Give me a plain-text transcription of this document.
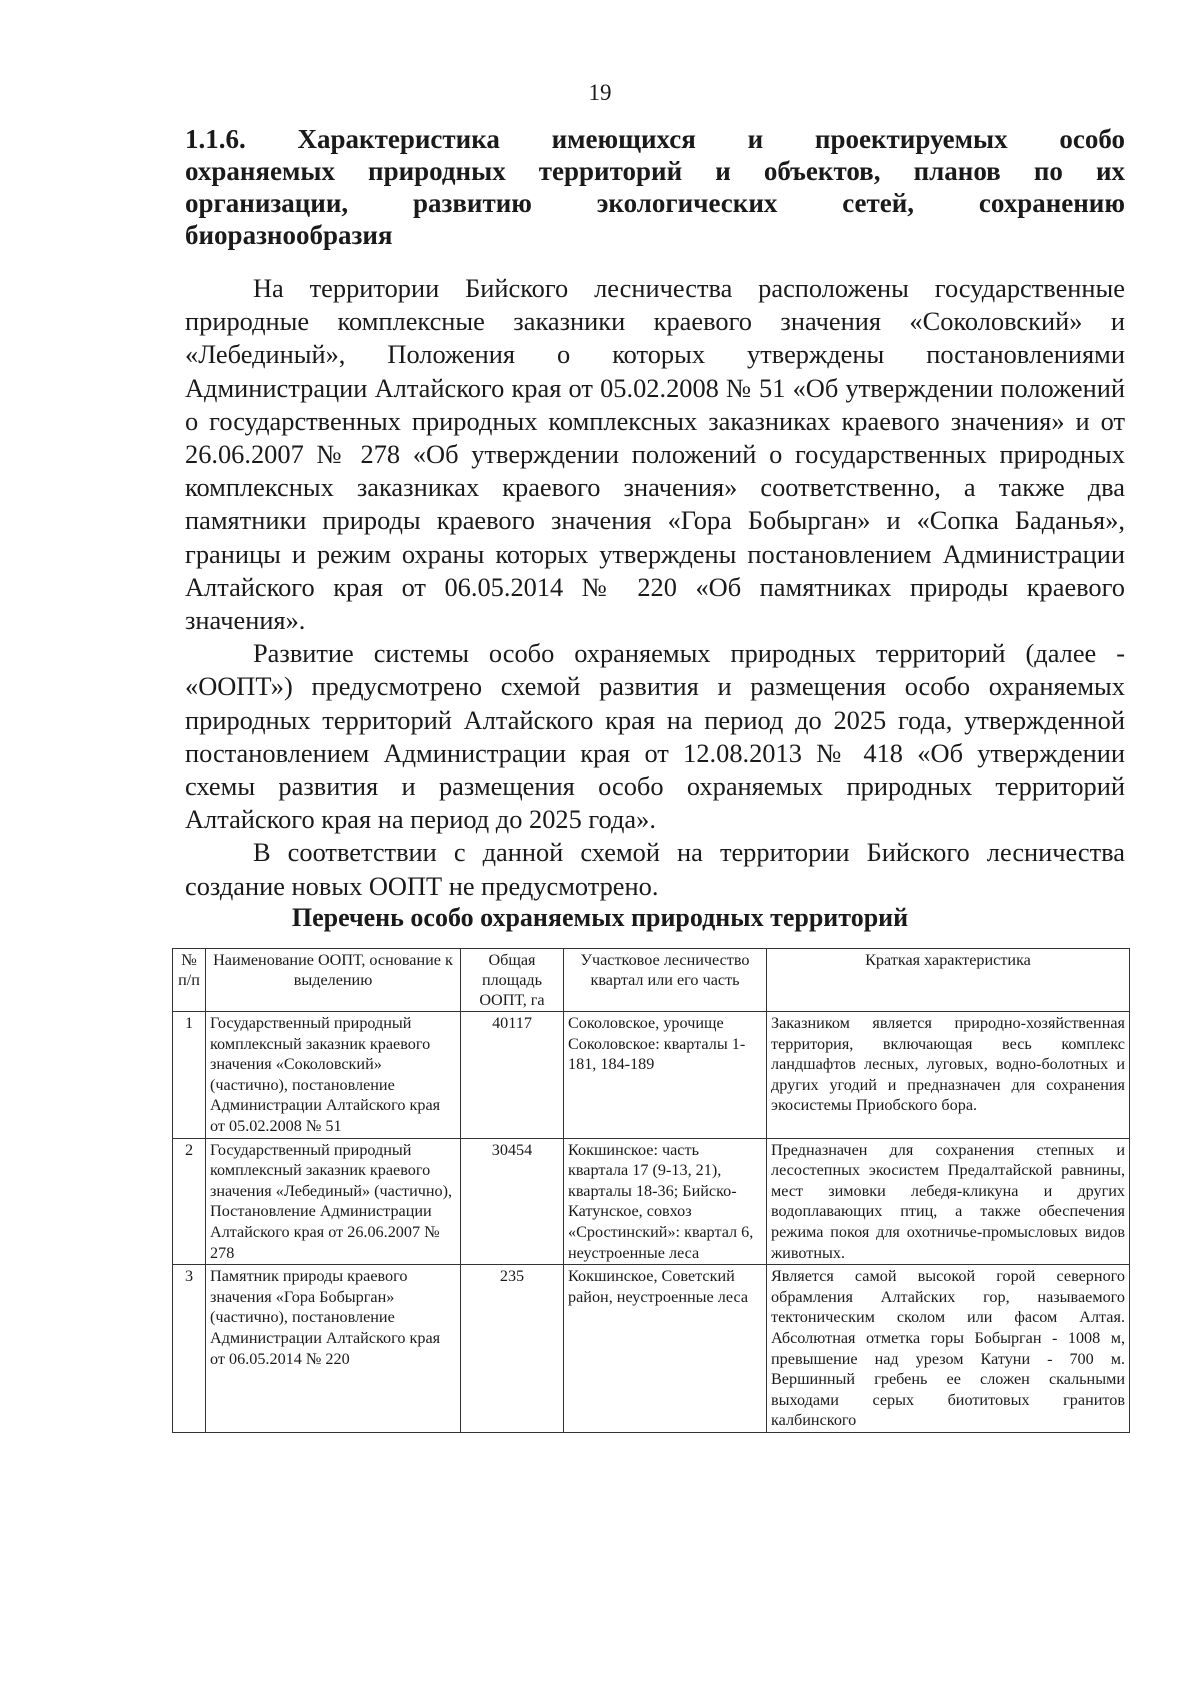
19
1.1.6. Характеристика имеющихся и проектируемых особо
охраняемых природных территорий и объектов, планов по их
организации, развитию экологических сетей, сохранению
биоразнообразия

На территории Бийского лесничества расположены государственные природные комплексные заказники краевого значения «Соколовский» и «Лебединый», Положения о которых утверждены постановлениями Администрации Алтайского края от 05.02.2008 № 51 «Об утверждении положений о государственных природных комплексных заказниках краевого значения» и от 26.06.2007 № 278 «Об утверждении положений о государственных природных комплексных заказниках краевого значения» соответственно, а также два памятники природы краевого значения «Гора Бобырган» и «Сопка Баданья», границы и режим охраны которых утверждены постановлением Администрации Алтайского края от 06.05.2014 № 220 «Об памятниках природы краевого значения».

Развитие системы особо охраняемых природных территорий (далее - «ООПТ») предусмотрено схемой развития и размещения особо охраняемых природных территорий Алтайского края на период до 2025 года, утвержденной постановлением Администрации края от 12.08.2013 № 418 «Об утверждении схемы развития и размещения особо охраняемых природных территорий Алтайского края на период до 2025 года».

В соответствии с данной схемой на территории Бийского лесничества создание новых ООПТ не предусмотрено.

Перечень особо охраняемых природных территорий
№ п/п	Наименование ООПТ, основание к выделению	Общая площадь ООПТ, га	Участковое лесничество квартал или его часть	Краткая характеристика
1	Государственный природный комплексный заказник краевого значения «Соколовский» (частично), постановление Администрации Алтайского края от 05.02.2008 № 51	40117	Соколовское, урочище Соколовское: кварталы 1-181, 184-189	Заказником является природно-хозяйственная территория, включающая весь комплекс ландшафтов лесных, луговых, водно-болотных и других угодий и предназначен для сохранения экосистемы Приобского бора.
2	Государственный природный комплексный заказник краевого значения «Лебединый» (частично), Постановление Администрации Алтайского края от 26.06.2007 № 278	30454	Кокшинское: часть квартала 17 (9-13, 21), кварталы 18-36; Бийско-Катунское, совхоз «Сростинский»: квартал 6, неустроенные леса	Предназначен для сохранения степных и лесостепных экосистем Предалтайской равнины, мест зимовки лебедя-кликуна и других водоплавающих птиц, а также обеспечения режима покоя для охотничье-промысловых видов животных.
3	Памятник природы краевого значения «Гора Бобырган» (частично), постановление Администрации Алтайского края от 06.05.2014 № 220	235	Кокшинское, Советский район, неустроенные леса	Является самой высокой горой северного обрамления Алтайских гор, называемого тектоническим сколом или фасом Алтая. Абсолютная отметка горы Бобырган - 1008 м, превышение над урезом Катуни - 700 м. Вершинный гребень ее сложен скальными выходами серых биотитовых гранитов калбинского
